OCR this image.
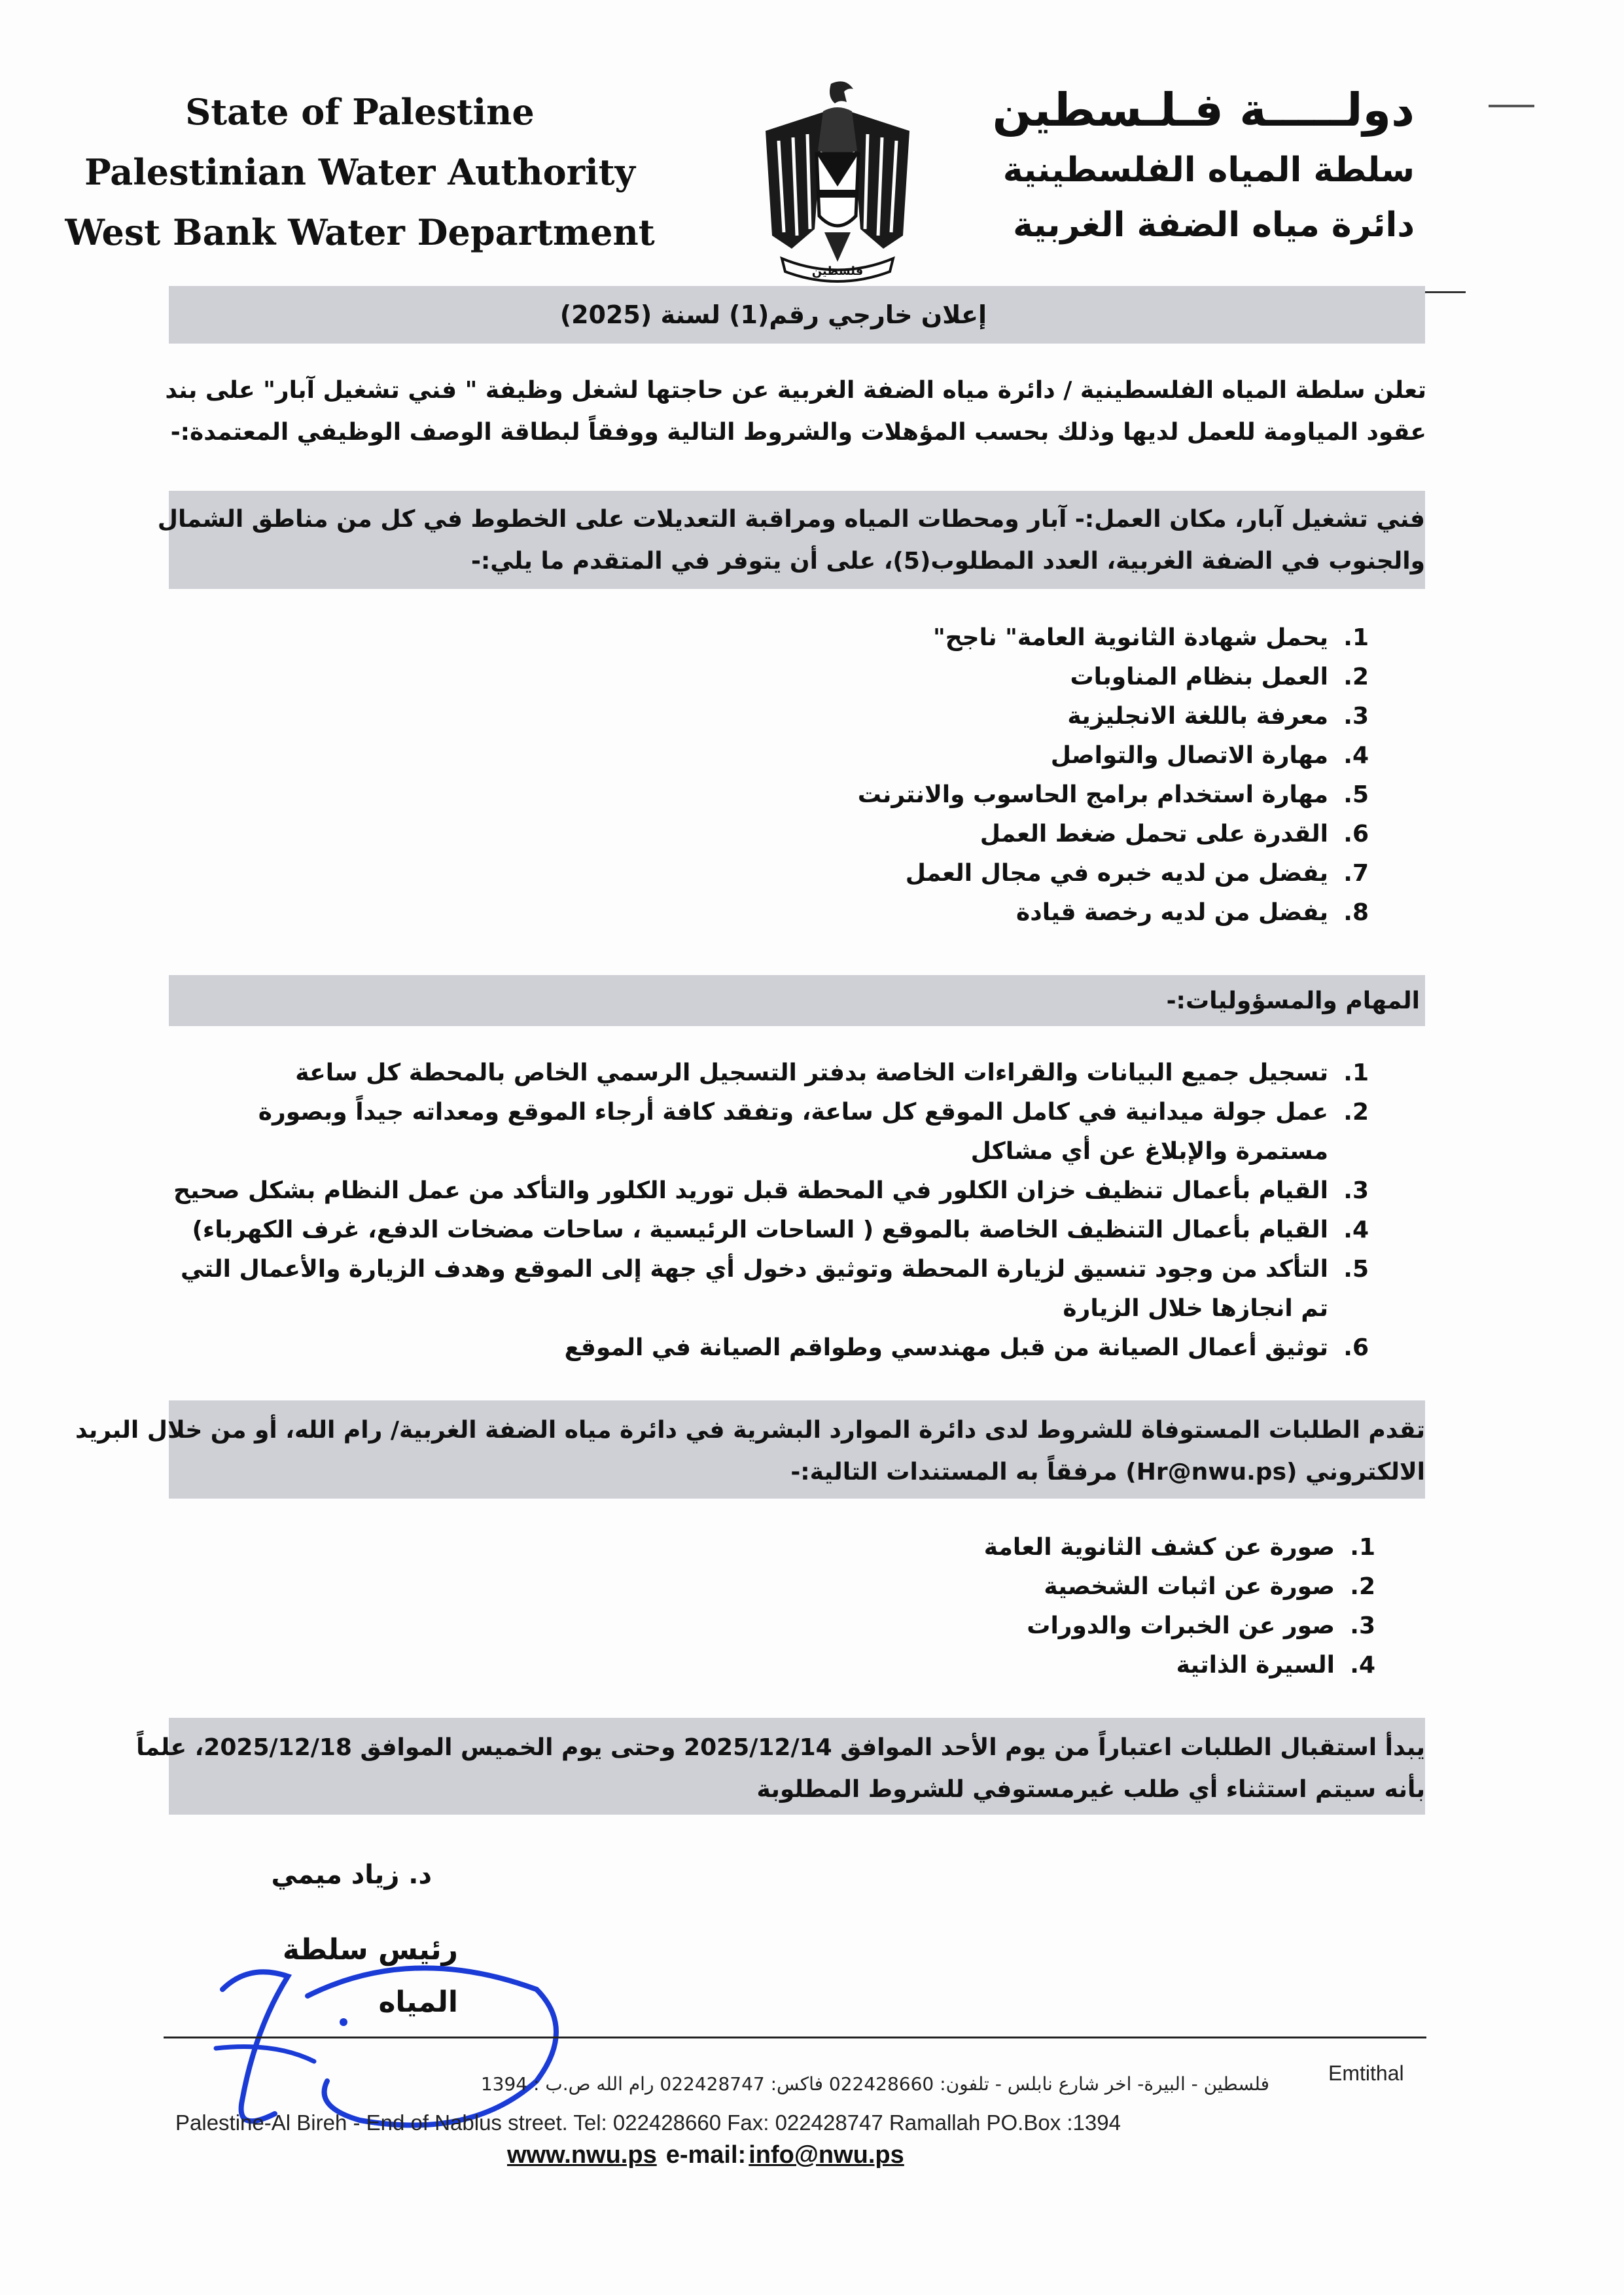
State of Palestine
Palestinian Water Authority
West Bank Water Department
فلسطين
دولـــــة فـلـسطين
سلطة المياه الفلسطينية
دائرة مياه الضفة الغربية
إعلان خارجي رقم(1) لسنة (2025)
تعلن سلطة المياه الفلسطينية / دائرة مياه الضفة الغربية عن حاجتها لشغل وظيفة " فني تشغيل آبار" على بند
عقود المياومة للعمل لديها وذلك بحسب المؤهلات والشروط التالية ووفقاً لبطاقة الوصف الوظيفي المعتمدة:-
فني تشغيل آبار، مكان العمل:- آبار ومحطات المياه ومراقبة التعديلات على الخطوط في كل من مناطق الشمال
والجنوب في الضفة الغربية، العدد المطلوب(5)، على أن يتوفر في المتقدم ما يلي:-
1.
يحمل شهادة الثانوية العامة" ناجح"
2.
العمل بنظام المناوبات
3.
معرفة باللغة الانجليزية
4.
مهارة الاتصال والتواصل
5.
مهارة استخدام برامج الحاسوب والانترنت
6.
القدرة على تحمل ضغط العمل
7.
يفضل من لديه خبره في مجال العمل
8.
يفضل من لديه رخصة قيادة
المهام والمسؤوليات:-
1.
تسجيل جميع البيانات والقراءات الخاصة بدفتر التسجيل الرسمي الخاص بالمحطة كل ساعة
2.
عمل جولة ميدانية في كامل الموقع كل ساعة، وتفقد كافة أرجاء الموقع ومعداته جيداً وبصورة مستمرة والإبلاغ عن أي مشاكل
3.
القيام بأعمال تنظيف خزان الكلور في المحطة قبل توريد الكلور والتأكد من عمل النظام بشكل صحيح
4.
القيام بأعمال التنظيف الخاصة بالموقع ( الساحات الرئيسية ، ساحات مضخات الدفع، غرف الكهرباء)
5.
التأكد من وجود تنسيق لزيارة المحطة وتوثيق دخول أي جهة إلى الموقع وهدف الزيارة والأعمال التي تم انجازها خلال الزيارة
6.
توثيق أعمال الصيانة من قبل مهندسي وطواقم الصيانة في الموقع
تقدم الطلبات المستوفاة للشروط لدى دائرة الموارد البشرية في دائرة مياه الضفة الغربية/ رام الله، أو من خلال البريد
الالكتروني (Hr@nwu.ps) مرفقاً به المستندات التالية:-
1.
صورة عن كشف الثانوية العامة
2.
صورة عن اثبات الشخصية
3.
صور عن الخبرات والدورات
4.
السيرة الذاتية
يبدأ استقبال الطلبات اعتباراً من يوم الأحد الموافق 2025/12/14 وحتى يوم الخميس الموافق 2025/12/18، علماً
بأنه سيتم استثناء أي طلب غيرمستوفي للشروط المطلوبة
د. زياد ميمي
رئيس سلطة المياه
Emtithal
فلسطين - البيرة- اخر شارع نابلس - تلفون: 022428660 فاكس: 022428747 رام الله ص.ب : 1394
Palestine-Al Bireh - End of Nablus street. Tel: 022428660 Fax: 022428747 Ramallah PO.Box :1394
www.nwu.ps e-mail: info@nwu.ps
